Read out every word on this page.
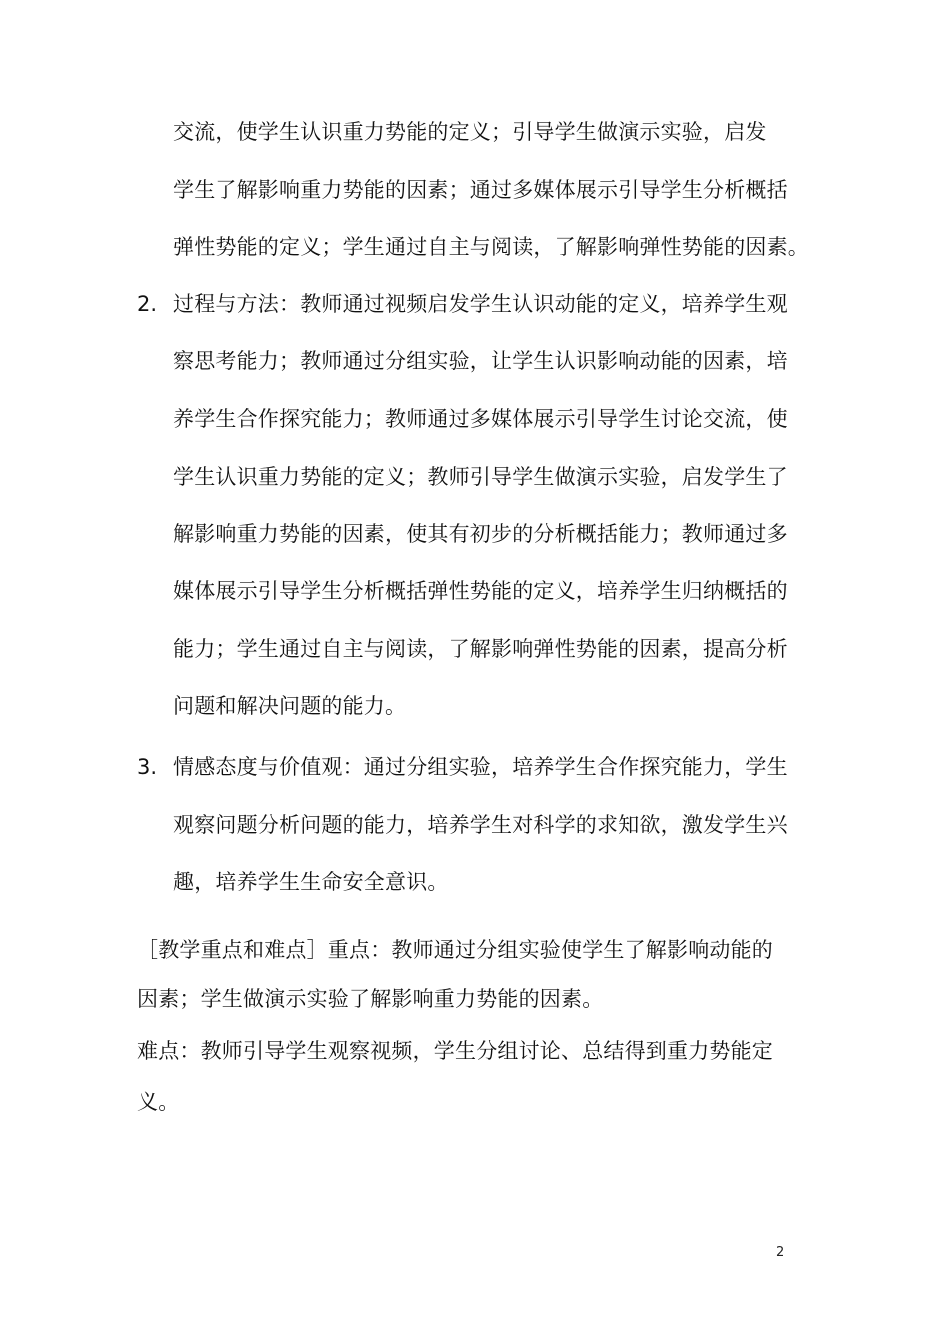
交流，使学生认识重力势能的定义；引导学生做演示实验，启发
学生了解影响重力势能的因素；通过多媒体展示引导学生分析概括
弹性势能的定义；学生通过自主与阅读，了解影响弹性势能的因素。
2. 过程与方法：教师通过视频启发学生认识动能的定义，培养学生观
察思考能力；教师通过分组实验，让学生认识影响动能的因素，培
养学生合作探究能力；教师通过多媒体展示引导学生讨论交流，使
学生认识重力势能的定义；教师引导学生做演示实验，启发学生了
解影响重力势能的因素，使其有初步的分析概括能力；教师通过多
媒体展示引导学生分析概括弹性势能的定义，培养学生归纳概括的
能力；学生通过自主与阅读，了解影响弹性势能的因素，提高分析
问题和解决问题的能力。
3. 情感态度与价值观：通过分组实验，培养学生合作探究能力，学生
观察问题分析问题的能力，培养学生对科学的求知欲，激发学生兴
趣，培养学生生命安全意识。
［教学重点和难点］重点：教师通过分组实验使学生了解影响动能的
因素；学生做演示实验了解影响重力势能的因素。
难点：教师引导学生观察视频，学生分组讨论、总结得到重力势能定
义。
2
